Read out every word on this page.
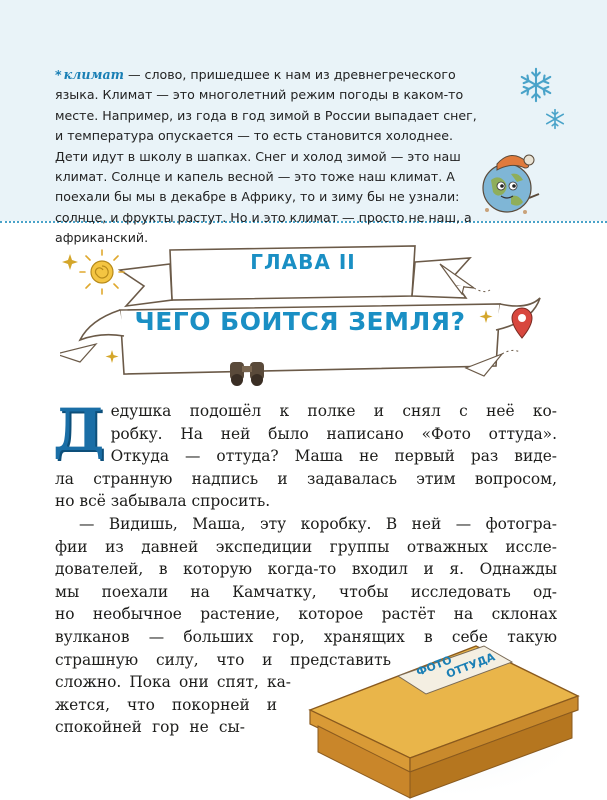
* климат — слово, пришедшее к нам из древнегреческого языка. Климат — это многолетний режим погоды в каком-то месте. Например, из года в год зимой в России выпадает снег, и температура опускается — то есть становится холоднее. Дети идут в школу в шапках. Снег и холод зимой — это наш климат. Солнце и капель весной — это тоже наш климат. А поехали бы мы в декабре в Африку, то и зиму бы не узнали: солнце, и фрукты растут. Но и это климат — просто не наш, а африканский.
ГЛАВА II
ЧЕГО БОИТСЯ ЗЕМЛЯ?

Д едушка подошёл к полке и снял с неё ко-
робку. На ней было написано «Фото оттуда».
Откуда — оттуда? Маша не первый раз виде-
ла странную надпись и задавалась этим вопросом,
но всё забывала спросить.

— Видишь, Маша, эту коробку. В ней — фотогра-
фии из давней экспедиции группы отважных иссле-
дователей, в которую когда-то входил и я. Однажды
мы поехали на Камчатку, чтобы исследовать од-
но необычное растение, которое растёт на склонах
вулканов — больших гор, хранящих в себе такую
страшную силу, что и представить
сложно. Пока они спят, ка-
жется, что покорней и
спокойней гор не сы-

ФОТО
ОТТУДА
